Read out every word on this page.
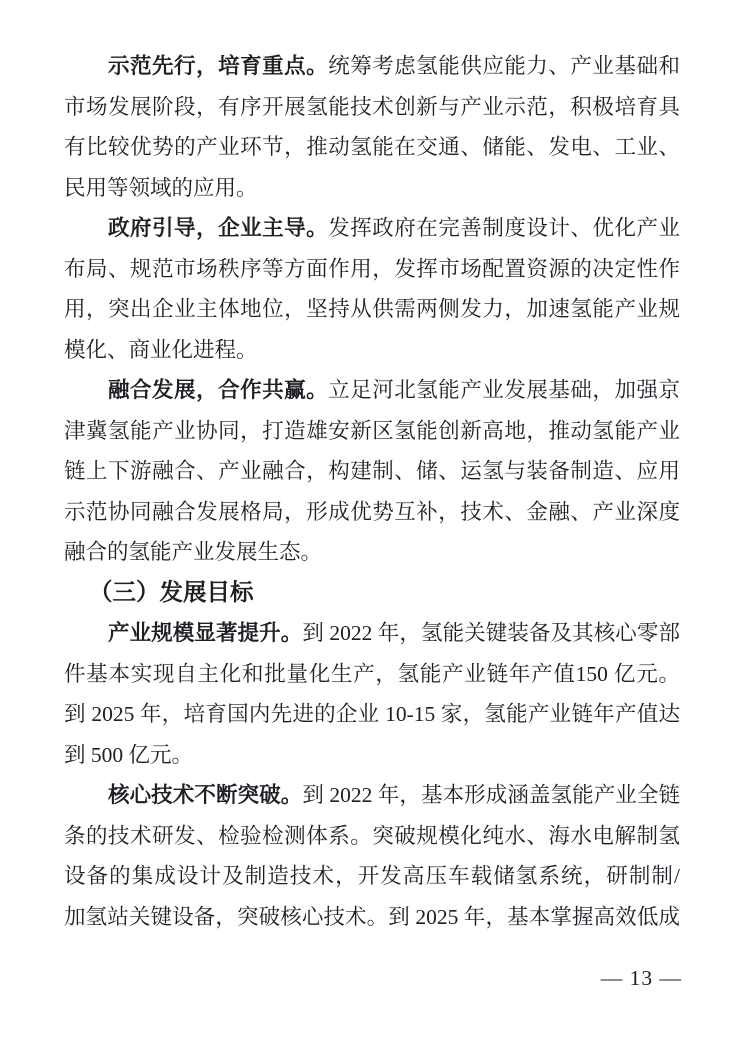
示范先行，培育重点。统筹考虑氢能供应能力、产业基础和
市场发展阶段，有序开展氢能技术创新与产业示范，积极培育具
有比较优势的产业环节，推动氢能在交通、储能、发电、工业、
民用等领域的应用。
政府引导，企业主导。发挥政府在完善制度设计、优化产业
布局、规范市场秩序等方面作用，发挥市场配置资源的决定性作
用，突出企业主体地位，坚持从供需两侧发力，加速氢能产业规
模化、商业化进程。
融合发展，合作共赢。立足河北氢能产业发展基础，加强京
津冀氢能产业协同，打造雄安新区氢能创新高地，推动氢能产业
链上下游融合、产业融合，构建制、储、运氢与装备制造、应用
示范协同融合发展格局，形成优势互补，技术、金融、产业深度
融合的氢能产业发展生态。
（三）发展目标
产业规模显著提升。到 2022 年，氢能关键装备及其核心零部
件基本实现自主化和批量化生产，氢能产业链年产值150 亿元。
到 2025 年，培育国内先进的企业 10-15 家，氢能产业链年产值达
到 500 亿元。
核心技术不断突破。到 2022 年，基本形成涵盖氢能产业全链
条的技术研发、检验检测体系。突破规模化纯水、海水电解制氢
设备的集成设计及制造技术，开发高压车载储氢系统，研制制/
加氢站关键设备，突破核心技术。到 2025 年，基本掌握高效低成
— 13 —
